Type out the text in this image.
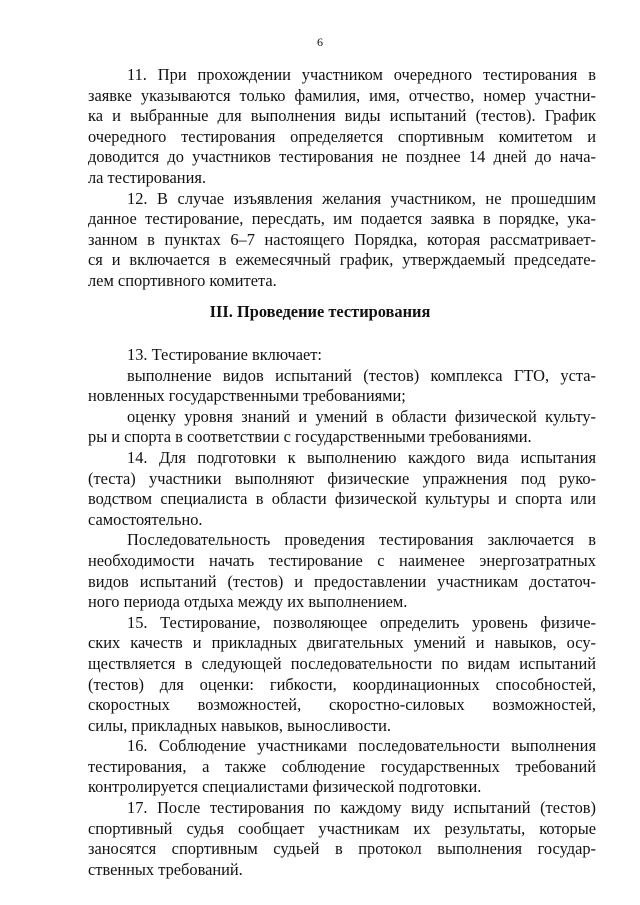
6
11. При прохождении участником очередного тестирования в
заявке указываются только фамилия, имя, отчество, номер участни-
ка и выбранные для выполнения виды испытаний (тестов). График
очередного тестирования определяется спортивным комитетом и
доводится до участников тестирования не позднее 14 дней до нача-
ла тестирования.
12. В случае изъявления желания участником, не прошедшим
данное тестирование, пересдать, им подается заявка в порядке, ука-
занном в пунктах 6–7 настоящего Порядка, которая рассматривает-
ся и включается в ежемесячный график, утверждаемый председате-
лем спортивного комитета.
III. Проведение тестирования
13. Тестирование включает:
выполнение видов испытаний (тестов) комплекса ГТО, уста-
новленных государственными требованиями;
оценку уровня знаний и умений в области физической культу-
ры и спорта в соответствии с государственными требованиями.
14. Для подготовки к выполнению каждого вида испытания
(теста) участники выполняют физические упражнения под руко-
водством специалиста в области физической культуры и спорта или
самостоятельно.
Последовательность проведения тестирования заключается в
необходимости начать тестирование с наименее энергозатратных
видов испытаний (тестов) и предоставлении участникам достаточ-
ного периода отдыха между их выполнением.
15. Тестирование, позволяющее определить уровень физиче-
ских качеств и прикладных двигательных умений и навыков, осу-
ществляется в следующей последовательности по видам испытаний
(тестов) для оценки: гибкости, координационных способностей,
скоростных возможностей, скоростно-силовых возможностей,
силы, прикладных навыков, выносливости.
16. Соблюдение участниками последовательности выполнения
тестирования, а также соблюдение государственных требований
контролируется специалистами физической подготовки.
17. После тестирования по каждому виду испытаний (тестов)
спортивный судья сообщает участникам их результаты, которые
заносятся спортивным судьей в протокол выполнения государ-
ственных требований.
